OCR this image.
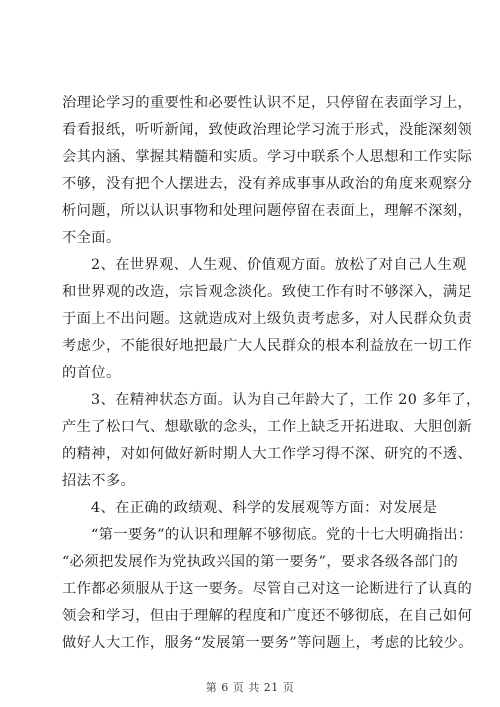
治理论学习的重要性和必要性认识不足，只停留在表面学习上，
看看报纸，听听新闻，致使政治理论学习流于形式，没能深刻领
会其内涵、掌握其精髓和实质。学习中联系个人思想和工作实际
不够，没有把个人摆进去，没有养成事事从政治的角度来观察分
析问题，所以认识事物和处理问题停留在表面上，理解不深刻，
不全面。
2、在世界观、人生观、价值观方面。放松了对自己人生观
和世界观的改造，宗旨观念淡化。致使工作有时不够深入，满足
于面上不出问题。这就造成对上级负责考虑多，对人民群众负责
考虑少，不能很好地把最广大人民群众的根本利益放在一切工作
的首位。
3、在精神状态方面。认为自己年龄大了，工作 20 多年了，
产生了松口气、想歇歇的念头，工作上缺乏开拓进取、大胆创新
的精神，对如何做好新时期人大工作学习得不深、研究的不透、
招法不多。
4、在正确的政绩观、科学的发展观等方面：对发展是
“第一要务”的认识和理解不够彻底。党的十七大明确指出：
“必须把发展作为党执政兴国的第一要务”，要求各级各部门的
工作都必须服从于这一要务。尽管自己对这一论断进行了认真的
领会和学习，但由于理解的程度和广度还不够彻底，在自己如何
做好人大工作，服务“发展第一要务”等问题上，考虑的比较少。
第 6 页 共 21 页
